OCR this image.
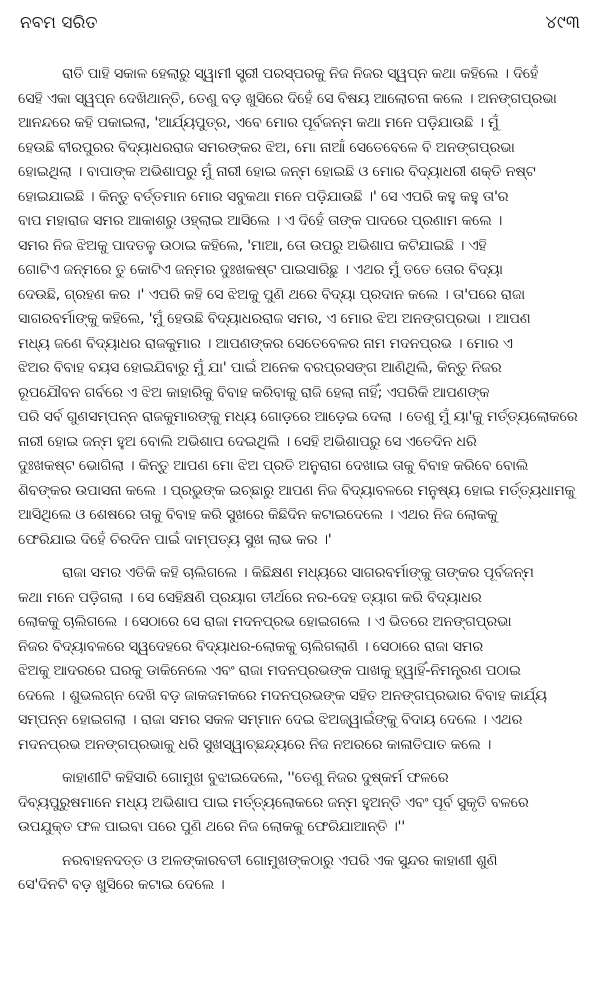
ନବମ ସରିତ	୪୯୩
ରାତି ପାହି ସକାଳ ହେଲାରୁ ସ୍ୱାମୀ ସ୍ତ୍ରୀ ପରସ୍ପରକୁ ନିଜ ନିଜର ସ୍ୱପ୍ନ କଥା କହିଲେ । ଦିହେଁ
ସେହି ଏକା ସ୍ୱପ୍ନ ଦେଖିଥାନ୍ତି, ତେଣୁ ବଡ଼ ଖୁସିରେ ଦିହେଁ ସେ ବିଷୟ ଆଲୋଚନା କଲେ । ଅନଙ୍ଗପ୍ରଭା
ଆନନ୍ଦରେ କହି ପକାଇଲା, 'ଆର୍ଯ୍ୟପୁତ୍ର, ଏବେ ମୋର ପୂର୍ବଜନ୍ମ କଥା ମନେ ପଡ଼ିଯାଉଛି । ମୁଁ
ହେଉଛି ବୀରପୁରର ବିଦ୍ୟାଧରରାଜ ସମରଙ୍କର ଝିଅ, ମୋ ନାଆଁ ସେତେବେଳେ ବି ଅନଙ୍ଗପ୍ରଭା
ହୋଇଥିଲା । ବାପାଙ୍କ ଅଭିଶାପରୁ ମୁଁ ନାରୀ ହୋଇ ଜନ୍ମ ହୋଇଛି ଓ ମୋର ବିଦ୍ୟାଧରୀ ଶକ୍ତି ନଷ୍ଟ
ହୋଇଯାଇଛି । କିନ୍ତୁ ବର୍ତ୍ତମାନ ମୋର ସବୁକଥା ମନେ ପଡ଼ିଯାଉଛି ।' ସେ ଏପରି କହୁ କହୁ ତା'ର
ବାପ ମହାରାଜ ସମର ଆକାଶରୁ ଓହ୍ଲାଇ ଆସିଲେ । ଏ ଦିହେଁ ତାଙ୍କ ପାଦରେ ପ୍ରଣାମ କଲେ ।
ସମର ନିଜ ଝିଅକୁ ପାଦତଳୁ ଉଠାଇ କହିଲେ, 'ମାଆ, ତୋ ଉପରୁ ଅଭିଶାପ କଟିଯାଇଛି । ଏହି
ଗୋଟିଏ ଜନ୍ମରେ ତୁ କୋଟିଏ ଜନ୍ମର ଦୁଃଖକଷ୍ଟ ପାଇସାରିଛୁ । ଏଥର ମୁଁ ତତେ ତୋର ବିଦ୍ୟା
ଦେଉଛି, ଗ୍ରହଣ କର ।' ଏପରି କହି ସେ ଝିଅକୁ ପୁଣି ଥରେ ବିଦ୍ୟା ପ୍ରଦାନ କଲେ । ତା'ପରେ ରାଜା
ସାଗରବର୍ମାଙ୍କୁ କହିଲେ, 'ମୁଁ ହେଉଛି ବିଦ୍ୟାଧରରାଜ ସମର, ଏ ମୋର ଝିଅ ଅନଙ୍ଗପ୍ରଭା । ଆପଣ
ମଧ୍ୟ ଜଣେ ବିଦ୍ୟାଧର ରାଜକୁମାର । ଆପଣଙ୍କର ସେତେବେଳର ନାମ ମଦନପ୍ରଭ । ମୋର ଏ
ଝିଅର ବିବାହ ବୟସ ହୋଇଯିବାରୁ ମୁଁ ଯା' ପାଇଁ ଅନେକ ବରପ୍ରସଙ୍ଗ ଆଣିଥିଲି, କିନ୍ତୁ ନିଜର
ରୂପଯୌବନ ଗର୍ବରେ ଏ ଝିଅ କାହାରିକୁ ବିବାହ କରିବାକୁ ରାଜି ହେଲା ନାହିଁ; ଏପରିକି ଆପଣଙ୍କ
ପରି ସର୍ବ ଗୁଣସମ୍ପନ୍ନ ରାଜକୁମାରଙ୍କୁ ମଧ୍ୟ ଗୋଡ଼ରେ ଆଡ଼େଇ ଦେଲା । ତେଣୁ ମୁଁ ୟା'କୁ ମର୍ତ୍ତ୍ୟଲୋକରେ
ନାରୀ ହୋଇ ଜନ୍ମ ହୁଅ ବୋଲି ଅଭିଶାପ ଦେଇଥିଲି । ସେହି ଅଭିଶାପରୁ ସେ ଏତେଦିନ ଧରି
ଦୁଃଖକଷ୍ଟ ଭୋଗିଲା । କିନ୍ତୁ ଆପଣ ମୋ ଝିଅ ପ୍ରତି ଅନୁରାଗ ଦେଖାଇ ତାକୁ ବିବାହ କରିବେ ବୋଲି
ଶିବଙ୍କର ଉପାସନା କଲେ । ପ୍ରଭୁଙ୍କ ଇଚ୍ଛାରୁ ଆପଣ ନିଜ ବିଦ୍ୟାବଳରେ ମନୁଷ୍ୟ ହୋଇ ମର୍ତ୍ତ୍ୟଧାମକୁ
ଆସିଥିଲେ ଓ ଶେଷରେ ତାକୁ ବିବାହ କରି ସୁଖରେ କିଛିଦିନ କଟାଇଦେଲେ । ଏଥର ନିଜ ଲୋକକୁ
ଫେରିଯାଇ ଦିହେଁ ଚିରଦିନ ପାଇଁ ଦାମ୍ପତ୍ୟ ସୁଖ ଲାଭ କର ।'
ରାଜା ସମର ଏତିକି କହି ଚାଲିଗଲେ । କିଛିକ୍ଷଣ ମଧ୍ୟରେ ସାଗରବର୍ମାଙ୍କୁ ତାଙ୍କର ପୂର୍ବଜନ୍ମ
କଥା ମନେ ପଡ଼ିଗଲା । ସେ ସେହିକ୍ଷଣି ପ୍ରୟାଗ ତୀର୍ଥରେ ନର-ଦେହ ତ୍ୟାଗ କରି ବିଦ୍ୟାଧର
ଲୋକକୁ ଚାଲିଗଲେ । ସେଠାରେ ସେ ରାଜା ମଦନପ୍ରଭ ହୋଇଗଲେ । ଏ ଭିତରେ ଅନଙ୍ଗପ୍ରଭା
ନିଜର ବିଦ୍ୟାବଳରେ ସ୍ୱଦେହରେ ବିଦ୍ୟାଧର-ଲୋକକୁ ଚାଲିଗଲାଣି । ସେଠାରେ ରାଜା ସମର
ଝିଅକୁ ଆଦରରେ ଘରକୁ ଡାକିନେଲେ ଏବଂ ରାଜା ମଦନପ୍ରଭଙ୍କ ପାଖକୁ ହ୍ୱାହିଁ-ନିମନ୍ତ୍ରଣ ପଠାଇ
ଦେଲେ । ଶୁଭଲଗ୍ନ ଦେଖି ବଡ଼ ଜାକଜମକରେ ମଦନପ୍ରଭଙ୍କ ସହିତ ଅନଙ୍ଗପ୍ରଭାର ବିବାହ କାର୍ଯ୍ୟ
ସମ୍ପନ୍ନ ହୋଇଗଲା । ରାଜା ସମର ସକଳ ସମ୍ମାନ ଦେଇ ଝିଅଜ୍ୱାଇଁଙ୍କୁ ବିଦାୟ ଦେଲେ । ଏଥର
ମଦନପ୍ରଭ ଅନଙ୍ଗପ୍ରଭାକୁ ଧରି ସୁଖସ୍ୱାଚ୍ଛନ୍ଦ୍ୟରେ ନିଜ ନଅରରେ କାଳାତିପାତ କଲେ ।
କାହାଣୀଟି କହିସାରି ଗୋମୁଖ ବୁଝାଇଦେଲେ, ''ତେଣୁ ନିଜର ଦୁଷ୍କର୍ମ ଫଳରେ
ଦିବ୍ୟପୁରୁଷମାନେ ମଧ୍ୟ ଅଭିଶାପ ପାଇ ମର୍ତ୍ତ୍ୟଲୋକରେ ଜନ୍ମ ହୁଅନ୍ତି ଏବଂ ପୂର୍ବ ସୁକୃତି ବଳରେ
ଉପଯୁକ୍ତ ଫଳ ପାଇବା ପରେ ପୁଣି ଥରେ ନିଜ ଲୋକକୁ ଫେରିଯାଆନ୍ତି ।''
ନରବାହନଦତ୍ତ ଓ ଅଳଙ୍କାରବତୀ ଗୋମୁଖଙ୍କଠାରୁ ଏପରି ଏକ ସୁନ୍ଦର କାହାଣୀ ଶୁଣି
ସେ'ଦିନଟି ବଡ଼ ଖୁସିରେ କଟାଇ ଦେଲେ ।
